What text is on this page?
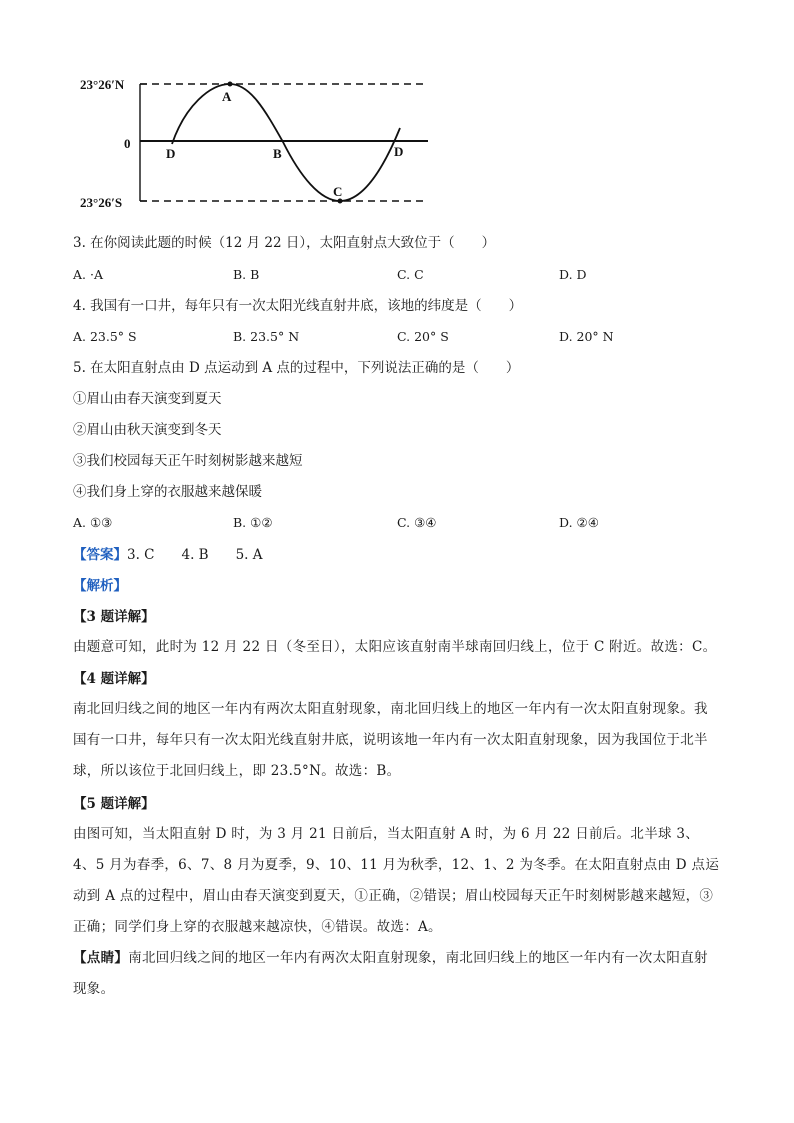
23°26′N
0
23°26′S
A
D	B
C
D
3. 在你阅读此题的时候（12 月 22 日），太阳直射点大致位于（　　）
A. ·A	B. B	C. C	D. D
4. 我国有一口井，每年只有一次太阳光线直射井底，该地的纬度是（　　）
A. 23.5° S	B. 23.5° N	C. 20° S	D. 20° N
5. 在太阳直射点由 D 点运动到 A 点的过程中，下列说法正确的是（　　）
①眉山由春天演变到夏天
②眉山由秋天演变到冬天
③我们校园每天正午时刻树影越来越短
④我们身上穿的衣服越来越保暖
A. ①③	B. ①②	C. ③④	D. ②④
【答案】3. C　　4. B　　5. A
【解析】
【3 题详解】
由题意可知，此时为 12 月 22 日（冬至日），太阳应该直射南半球南回归线上，位于 C 附近。故选：C。
【4 题详解】
南北回归线之间的地区一年内有两次太阳直射现象，南北回归线上的地区一年内有一次太阳直射现象。我国有一口井，每年只有一次太阳光线直射井底，说明该地一年内有一次太阳直射现象，因为我国位于北半球，所以该位于北回归线上，即 23.5°N。故选：B。
【5 题详解】
由图可知，当太阳直射 D 时，为 3 月 21 日前后，当太阳直射 A 时，为 6 月 22 日前后。北半球 3、4、5 月为春季，6、7、8 月为夏季，9、10、11 月为秋季，12、1、2 为冬季。在太阳直射点由 D 点运动到 A 点的过程中，眉山由春天演变到夏天，①正确，②错误；眉山校园每天正午时刻树影越来越短，③正确；同学们身上穿的衣服越来越凉快，④错误。故选：A。
【点睛】南北回归线之间的地区一年内有两次太阳直射现象，南北回归线上的地区一年内有一次太阳直射现象。
